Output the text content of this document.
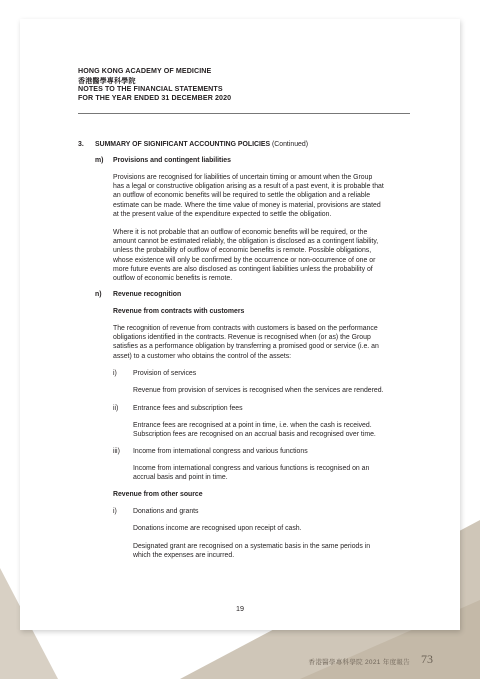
HONG KONG ACADEMY OF MEDICINE
香港醫學專科學院
NOTES TO THE FINANCIAL STATEMENTS
FOR THE YEAR ENDED 31 DECEMBER 2020
3. SUMMARY OF SIGNIFICANT ACCOUNTING POLICIES (Continued)
m) Provisions and contingent liabilities
Provisions are recognised for liabilities of uncertain timing or amount when the Group
has a legal or constructive obligation arising as a result of a past event, it is probable that
an outflow of economic benefits will be required to settle the obligation and a reliable
estimate can be made. Where the time value of money is material, provisions are stated
at the present value of the expenditure expected to settle the obligation.
Where it is not probable that an outflow of economic benefits will be required, or the
amount cannot be estimated reliably, the obligation is disclosed as a contingent liability,
unless the probability of outflow of economic benefits is remote. Possible obligations,
whose existence will only be confirmed by the occurrence or non-occurrence of one or
more future events are also disclosed as contingent liabilities unless the probability of
outflow of economic benefits is remote.
n) Revenue recognition
Revenue from contracts with customers
The recognition of revenue from contracts with customers is based on the performance
obligations identified in the contracts. Revenue is recognised when (or as) the Group
satisfies as a performance obligation by transferring a promised good or service (i.e. an
asset) to a customer who obtains the control of the assets:
i) Provision of services
Revenue from provision of services is recognised when the services are rendered.
ii) Entrance fees and subscription fees
Entrance fees are recognised at a point in time, i.e. when the cash is received.
Subscription fees are recognised on an accrual basis and recognised over time.
iii) Income from international congress and various functions
Income from international congress and various functions is recognised on an
accrual basis and point in time.
Revenue from other source
i) Donations and grants
Donations income are recognised upon receipt of cash.
Designated grant are recognised on a systematic basis in the same periods in
which the expenses are incurred.
19
香港醫學專科學院 2021 年度報告 73
